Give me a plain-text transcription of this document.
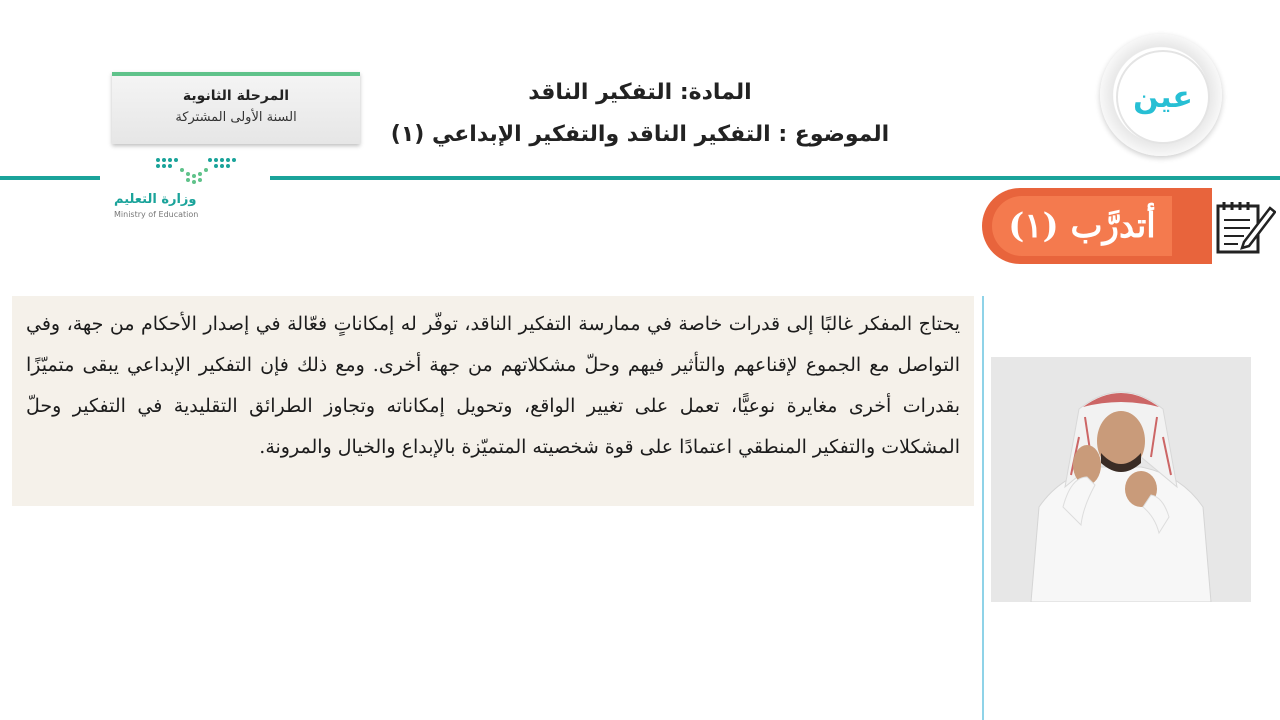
المرحلة الثانوية
السنة الأولى المشتركة
وزارة التعليم
Ministry of Education
المادة: التفكير الناقد
الموضوع : التفكير الناقد والتفكير الإبداعي (١)
عين
أتدرَّب (١)
يحتاج المفكر غالبًا إلى قدرات خاصة في ممارسة التفكير الناقد، توفّر له إمكاناتٍ فعّالة في إصدار الأحكام من جهة، وفي التواصل مع الجموع لإقناعهم والتأثير فيهم وحلّ مشكلاتهم من جهة أخرى. ومع ذلك فإن التفكير الإبداعي يبقى متميّزًا بقدرات أخرى مغايرة نوعيًّا، تعمل على تغيير الواقع، وتحويل إمكاناته وتجاوز الطرائق التقليدية في التفكير وحلّ المشكلات والتفكير المنطقي اعتمادًا على قوة شخصيته المتميّزة بالإبداع والخيال والمرونة.
